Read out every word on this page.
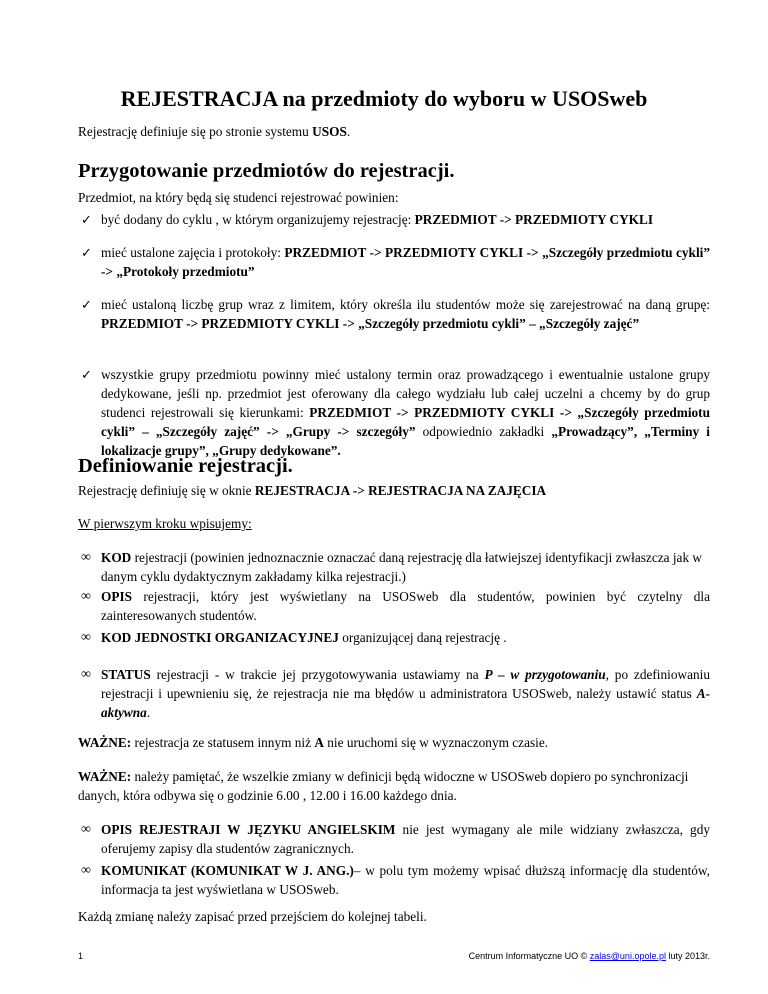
REJESTRACJA na przedmioty do wyboru w USOSweb
Rejestrację definiuje się po stronie systemu USOS.
Przygotowanie przedmiotów do rejestracji.
Przedmiot, na który będą się studenci rejestrować powinien:
✓ być dodany do cyklu , w którym organizujemy rejestrację: PRZEDMIOT -> PRZEDMIOTY CYKLI
✓ mieć ustalone zajęcia i protokoły: PRZEDMIOT -> PRZEDMIOTY CYKLI -> „Szczegóły przedmiotu cykli” -> „Protokoły przedmiotu”
✓ mieć ustaloną liczbę grup wraz z limitem, który określa ilu studentów może się zarejestrować na daną grupę: PRZEDMIOT -> PRZEDMIOTY CYKLI -> „Szczegóły przedmiotu cykli” – „Szczegóły zajęć”
✓ wszystkie grupy przedmiotu powinny mieć ustalony termin oraz prowadzącego i ewentualnie ustalone grupy dedykowane, jeśli np. przedmiot jest oferowany dla całego wydziału lub całej uczelni a chcemy by do grup studenci rejestrowali się kierunkami: PRZEDMIOT -> PRZEDMIOTY CYKLI -> „Szczegóły przedmiotu cykli” – „Szczegóły zajęć” -> „Grupy -> szczegóły” odpowiednio zakładki „Prowadzący”, „Terminy i lokalizacje grupy”, „Grupy dedykowane”.
Definiowanie rejestracji.
Rejestrację definiuję się w oknie REJESTRACJA -> REJESTRACJA NA ZAJĘCIA
W pierwszym kroku wpisujemy:
∞ KOD rejestracji (powinien jednoznacznie oznaczać daną rejestrację dla łatwiejszej identyfikacji zwłaszcza jak w danym cyklu dydaktycznym zakładamy kilka rejestracji.)
∞ OPIS rejestracji, który jest wyświetlany na USOSweb dla studentów, powinien być czytelny dla zainteresowanych studentów.
∞ KOD JEDNOSTKI ORGANIZACYJNEJ organizującej daną rejestrację .
∞ STATUS rejestracji - w trakcie jej przygotowywania ustawiamy na P – w przygotowaniu, po zdefiniowaniu rejestracji i upewnieniu się, że rejestracja nie ma błędów u administratora USOSweb, należy ustawić status A- aktywna.
WAŻNE: rejestracja ze statusem innym niż A nie uruchomi się w wyznaczonym czasie.
WAŻNE: należy pamiętać, że wszelkie zmiany w definicji będą widoczne w USOSweb dopiero po synchronizacji danych, która odbywa się o godzinie 6.00 , 12.00 i 16.00 każdego dnia.
∞ OPIS REJESTRAJI W JĘZYKU ANGIELSKIM nie jest wymagany ale mile widziany zwłaszcza, gdy oferujemy zapisy dla studentów zagranicznych.
∞ KOMUNIKAT (KOMUNIKAT W J. ANG.)– w polu tym możemy wpisać dłuższą informację dla studentów, informacja ta jest wyświetlana w USOSweb.
Każdą zmianę należy zapisać przed przejściem do kolejnej tabeli.
1	Centrum Informatyczne UO © zalas@uni.opole.pl luty 2013r.
